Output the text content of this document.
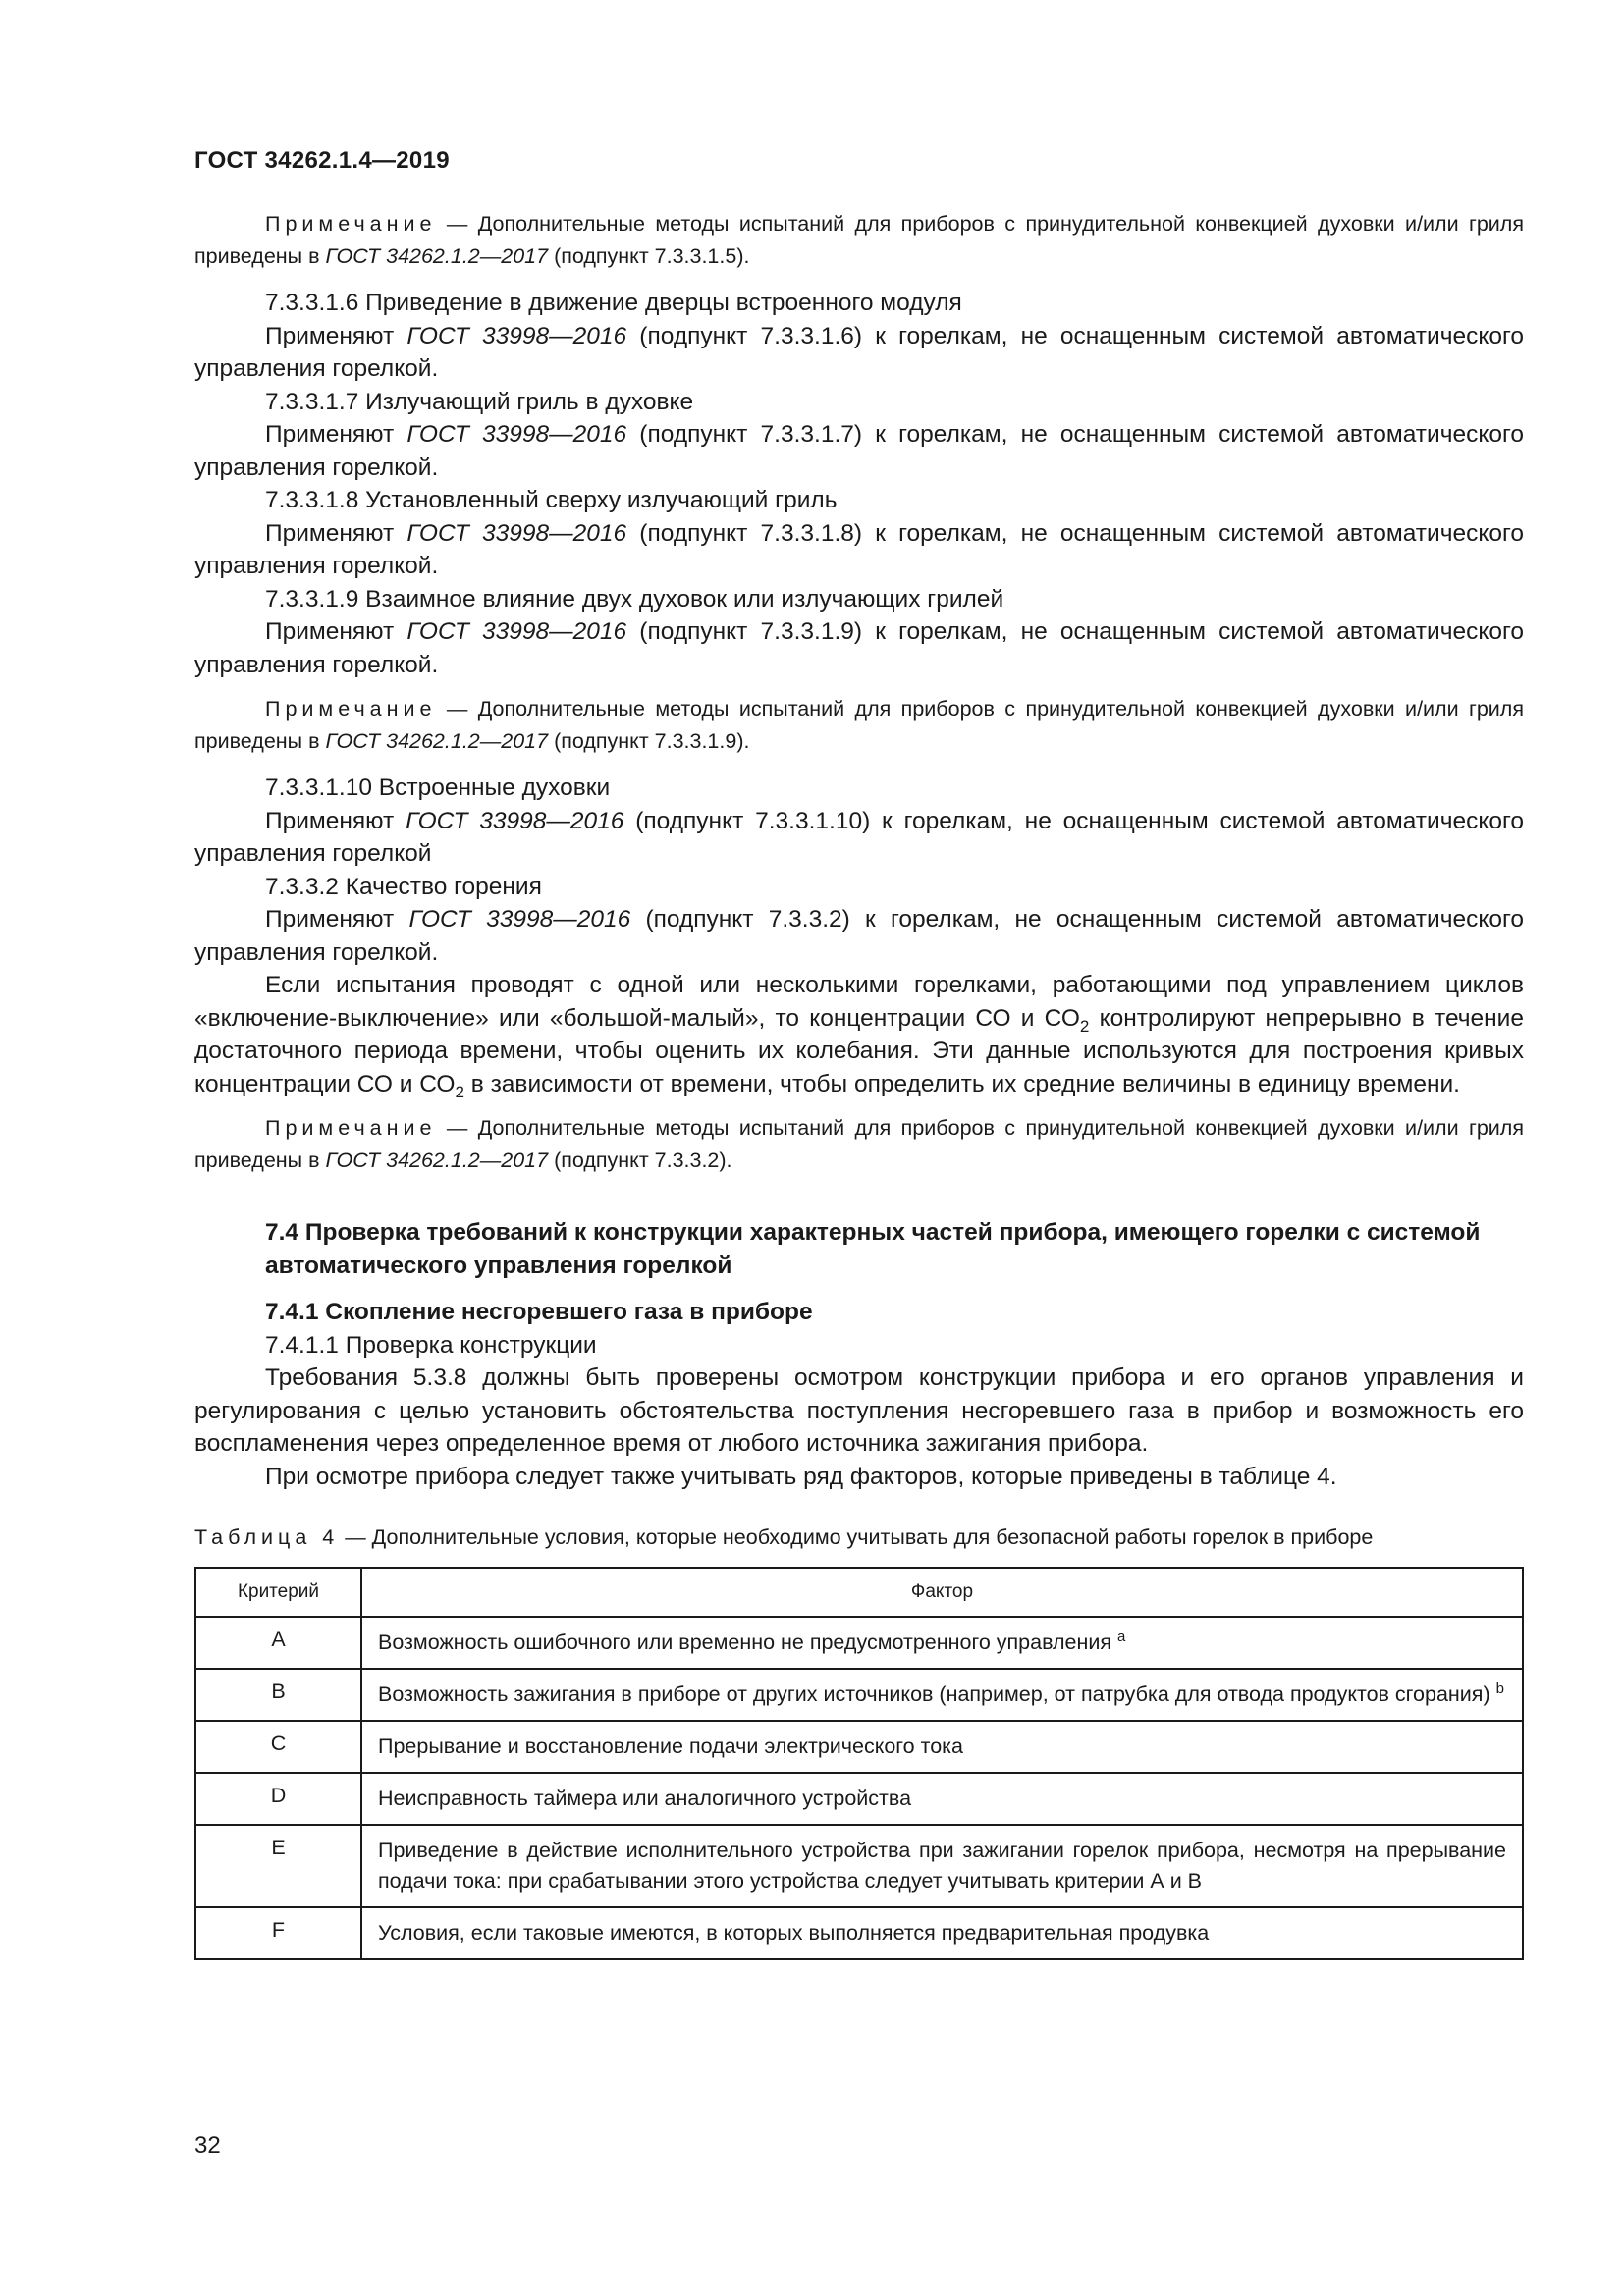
ГОСТ 34262.1.4—2019

Примечание — Дополнительные методы испытаний для приборов с принудительной конвекцией духовки и/или гриля приведены в ГОСТ 34262.1.2—2017 (подпункт 7.3.3.1.5).

7.3.3.1.6 Приведение в движение дверцы встроенного модуля

Применяют ГОСТ 33998—2016 (подпункт 7.3.3.1.6) к горелкам, не оснащенным системой автоматического управления горелкой.

7.3.3.1.7 Излучающий гриль в духовке

Применяют ГОСТ 33998—2016 (подпункт 7.3.3.1.7) к горелкам, не оснащенным системой автоматического управления горелкой.

7.3.3.1.8 Установленный сверху излучающий гриль

Применяют ГОСТ 33998—2016 (подпункт 7.3.3.1.8) к горелкам, не оснащенным системой автоматического управления горелкой.

7.3.3.1.9 Взаимное влияние двух духовок или излучающих грилей

Применяют ГОСТ 33998—2016 (подпункт 7.3.3.1.9) к горелкам, не оснащенным системой автоматического управления горелкой.

Примечание — Дополнительные методы испытаний для приборов с принудительной конвекцией духовки и/или гриля приведены в ГОСТ 34262.1.2—2017 (подпункт 7.3.3.1.9).

7.3.3.1.10 Встроенные духовки

Применяют ГОСТ 33998—2016 (подпункт 7.3.3.1.10) к горелкам, не оснащенным системой автоматического управления горелкой

7.3.3.2 Качество горения

Применяют ГОСТ 33998—2016 (подпункт 7.3.3.2) к горелкам, не оснащенным системой автоматического управления горелкой.

Если испытания проводят с одной или несколькими горелками, работающими под управлением циклов «включение-выключение» или «большой-малый», то концентрации СО и $СО_2$ контролируют непрерывно в течение достаточного периода времени, чтобы оценить их колебания. Эти данные используются для построения кривых концентрации СО и $СО_2$ в зависимости от времени, чтобы определить их средние величины в единицу времени.

Примечание — Дополнительные методы испытаний для приборов с принудительной конвекцией духовки и/или гриля приведены в ГОСТ 34262.1.2—2017 (подпункт 7.3.3.2).

7.4 Проверка требований к конструкции характерных частей прибора, имеющего горелки с системой автоматического управления горелкой

7.4.1 Скопление несгоревшего газа в приборе

7.4.1.1 Проверка конструкции

Требования 5.3.8 должны быть проверены осмотром конструкции прибора и его органов управления и регулирования с целью установить обстоятельства поступления несгоревшего газа в прибор и возможность его воспламенения через определенное время от любого источника зажигания прибора.

При осмотре прибора следует также учитывать ряд факторов, которые приведены в таблице 4.

Таблица 4 — Дополнительные условия, которые необходимо учитывать для безопасной работы горелок в приборе

Критерий	Фактор
A	Возможность ошибочного или временно не предусмотренного управления $^a$
B	Возможность зажигания в приборе от других источников (например, от патрубка для отвода продуктов сгорания) $^b$
C	Прерывание и восстановление подачи электрического тока
D	Неисправность таймера или аналогичного устройства
E	Приведение в действие исполнительного устройства при зажигании горелок прибора, несмотря на прерывание подачи тока: при срабатывании этого устройства следует учитывать критерии А и В
F	Условия, если таковые имеются, в которых выполняется предварительная продувка
32
